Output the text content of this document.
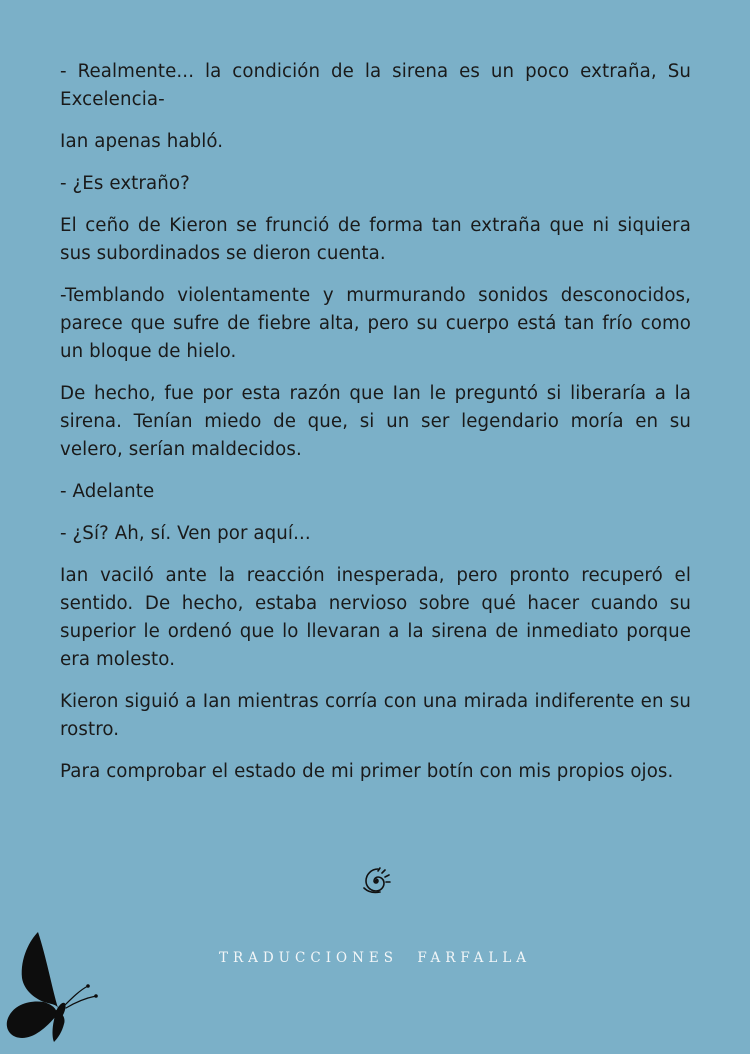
- Realmente... la condición de la sirena es un poco extraña, Su Excelencia-

Ian apenas habló.

- ¿Es extraño?

El ceño de Kieron se frunció de forma tan extraña que ni siquiera sus subordinados se dieron cuenta.

-Temblando violentamente y murmurando sonidos desconocidos, parece que sufre de fiebre alta, pero su cuerpo está tan frío como un bloque de hielo.

De hecho, fue por esta razón que Ian le preguntó si liberaría a la sirena. Tenían miedo de que, si un ser legendario moría en su velero, serían maldecidos.

- Adelante

- ¿Sí? Ah, sí. Ven por aquí...

Ian vaciló ante la reacción inesperada, pero pronto recuperó el sentido. De hecho, estaba nervioso sobre qué hacer cuando su superior le ordenó que lo llevaran a la sirena de inmediato porque era molesto.

Kieron siguió a Ian mientras corría con una mirada indiferente en su rostro.

Para comprobar el estado de mi primer botín con mis propios ojos.

TRADUCCIONES FARFALLA
